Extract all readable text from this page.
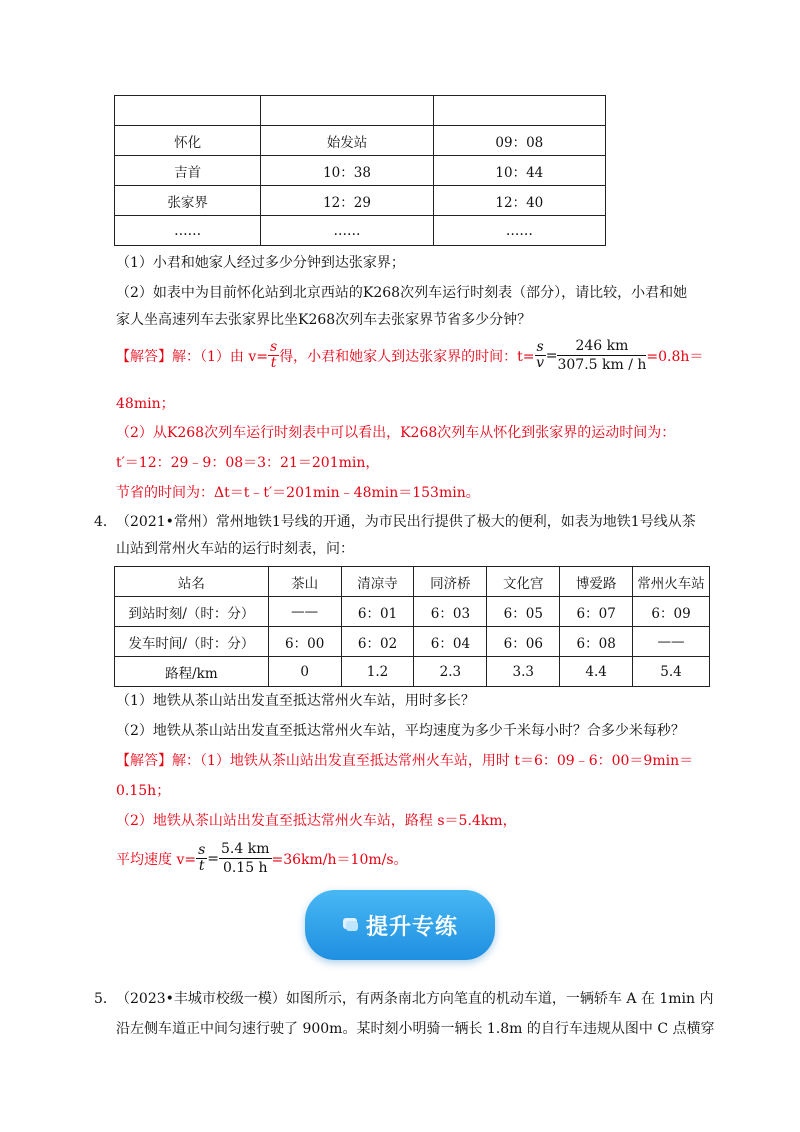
怀化	始发站	09：08
吉首	10：38	10：44
张家界	12：29	12：40
……	……	……
（1）小君和她家人经过多少分钟到达张家界；
（2）如表中为目前怀化站到北京西站的K268次列车运行时刻表（部分），请比较，小君和她
家人坐高速列车去张家界比坐K268次列车去张家界节省多少分钟？
【解答】 解：（1）由 $v= \frac{s}{t}$ 得，小君和她家人到达张家界的时间：$t= \frac{s}{v} = \frac{246 km}{307.5 km / h} =0.8h=$
48min；
（2）从K268次列车运行时刻表中可以看出，K268次列车从怀化到张家界的运动时间为：
t′＝12：29﹣9：08＝3：21＝201min，
节省的时间为：Δt＝t﹣t′＝201min﹣48min＝153min。
4． （2021•常州）常州地铁1号线的开通，为市民出行提供了极大的便利，如表为地铁1号线从茶
山站到常州火车站的运行时刻表，问：
站名	茶山	清凉寺	同济桥	文化宫	博爱路	常州火车站
到站时刻/（时：分）	——	6：01	6：03	6：05	6：07	6：09
发车时间/（时：分）	6：00	6：02	6：04	6：06	6：08	——
路程/km	0	1.2	2.3	3.3	4.4	5.4
（1）地铁从茶山站出发直至抵达常州火车站，用时多长？
（2）地铁从茶山站出发直至抵达常州火车站，平均速度为多少千米每小时？合多少米每秒？
【解答】解：（1）地铁从茶山站出发直至抵达常州火车站，用时 t＝6：09﹣6：00＝9min＝
0.15h；
（2）地铁从茶山站出发直至抵达常州火车站，路程 s＝5.4km，
平均速度 $v= \frac{s}{t} = \frac{5.4 km}{0.15 h} =36km/h=10m/s$。
提升专练
5． （2023•丰城市校级一模）如图所示，有两条南北方向笔直的机动车道，一辆轿车 A 在 1min 内
沿左侧车道正中间匀速行驶了 900m。某时刻小明骑一辆长 1.8m 的自行车违规从图中 C 点横穿
